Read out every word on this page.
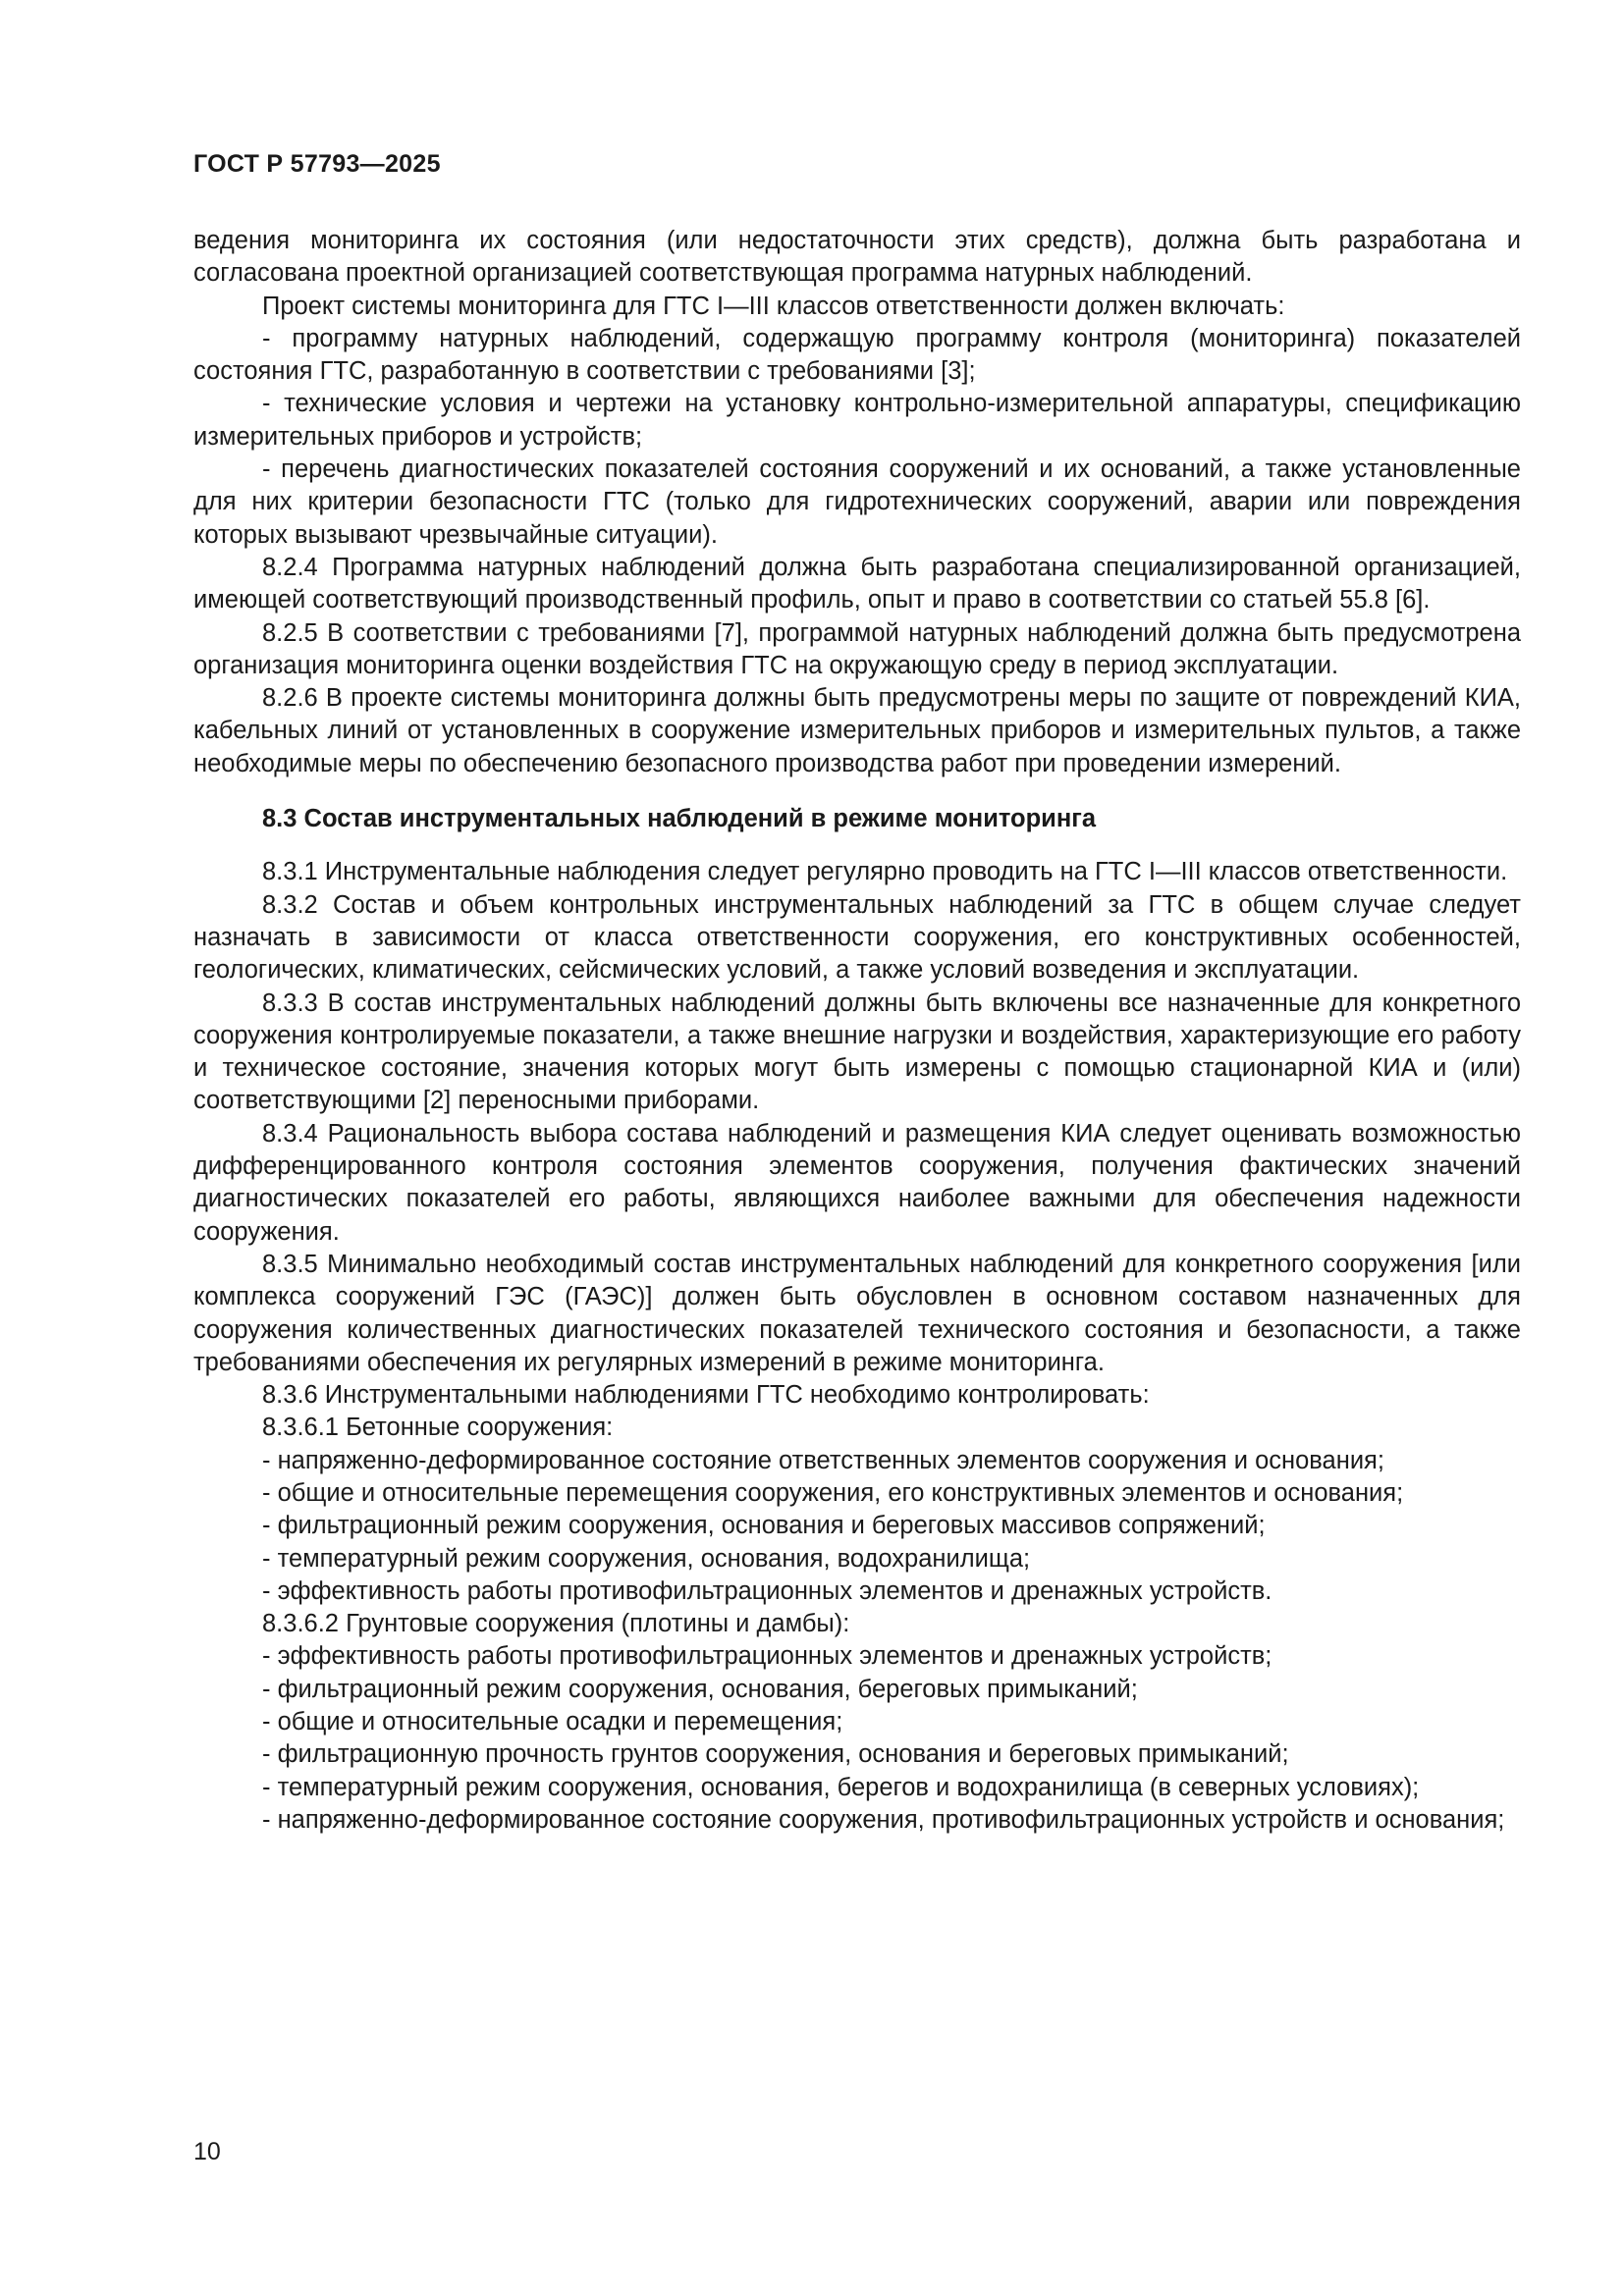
ГОСТ Р 57793—2025

ведения мониторинга их состояния (или недостаточности этих средств), должна быть разработана и согласована проектной организацией соответствующая программа натурных наблюдений.

Проект системы мониторинга для ГТС I—III классов ответственности должен включать:

- программу натурных наблюдений, содержащую программу контроля (мониторинга) показателей состояния ГТС, разработанную в соответствии с требованиями [3];

- технические условия и чертежи на установку контрольно-измерительной аппаратуры, спецификацию измерительных приборов и устройств;

- перечень диагностических показателей состояния сооружений и их оснований, а также установленные для них критерии безопасности ГТС (только для гидротехнических сооружений, аварии или повреждения которых вызывают чрезвычайные ситуации).

8.2.4 Программа натурных наблюдений должна быть разработана специализированной организацией, имеющей соответствующий производственный профиль, опыт и право в соответствии со статьей 55.8 [6].

8.2.5 В соответствии с требованиями [7], программой натурных наблюдений должна быть предусмотрена организация мониторинга оценки воздействия ГТС на окружающую среду в период эксплуатации.

8.2.6 В проекте системы мониторинга должны быть предусмотрены меры по защите от повреждений КИА, кабельных линий от установленных в сооружение измерительных приборов и измерительных пультов, а также необходимые меры по обеспечению безопасного производства работ при проведении измерений.

8.3 Состав инструментальных наблюдений в режиме мониторинга

8.3.1 Инструментальные наблюдения следует регулярно проводить на ГТС I—III классов ответственности.

8.3.2 Состав и объем контрольных инструментальных наблюдений за ГТС в общем случае следует назначать в зависимости от класса ответственности сооружения, его конструктивных особенностей, геологических, климатических, сейсмических условий, а также условий возведения и эксплуатации.

8.3.3 В состав инструментальных наблюдений должны быть включены все назначенные для конкретного сооружения контролируемые показатели, а также внешние нагрузки и воздействия, характеризующие его работу и техническое состояние, значения которых могут быть измерены с помощью стационарной КИА и (или) соответствующими [2] переносными приборами.

8.3.4 Рациональность выбора состава наблюдений и размещения КИА следует оценивать возможностью дифференцированного контроля состояния элементов сооружения, получения фактических значений диагностических показателей его работы, являющихся наиболее важными для обеспечения надежности сооружения.

8.3.5 Минимально необходимый состав инструментальных наблюдений для конкретного сооружения [или комплекса сооружений ГЭС (ГАЭС)] должен быть обусловлен в основном составом назначенных для сооружения количественных диагностических показателей технического состояния и безопасности, а также требованиями обеспечения их регулярных измерений в режиме мониторинга.

8.3.6 Инструментальными наблюдениями ГТС необходимо контролировать:

8.3.6.1 Бетонные сооружения:

- напряженно-деформированное состояние ответственных элементов сооружения и основания;

- общие и относительные перемещения сооружения, его конструктивных элементов и основания;

- фильтрационный режим сооружения, основания и береговых массивов сопряжений;

- температурный режим сооружения, основания, водохранилища;

- эффективность работы противофильтрационных элементов и дренажных устройств.

8.3.6.2 Грунтовые сооружения (плотины и дамбы):

- эффективность работы противофильтрационных элементов и дренажных устройств;

- фильтрационный режим сооружения, основания, береговых примыканий;

- общие и относительные осадки и перемещения;

- фильтрационную прочность грунтов сооружения, основания и береговых примыканий;

- температурный режим сооружения, основания, берегов и водохранилища (в северных условиях);

- напряженно-деформированное состояние сооружения, противофильтрационных устройств и основания;

10
